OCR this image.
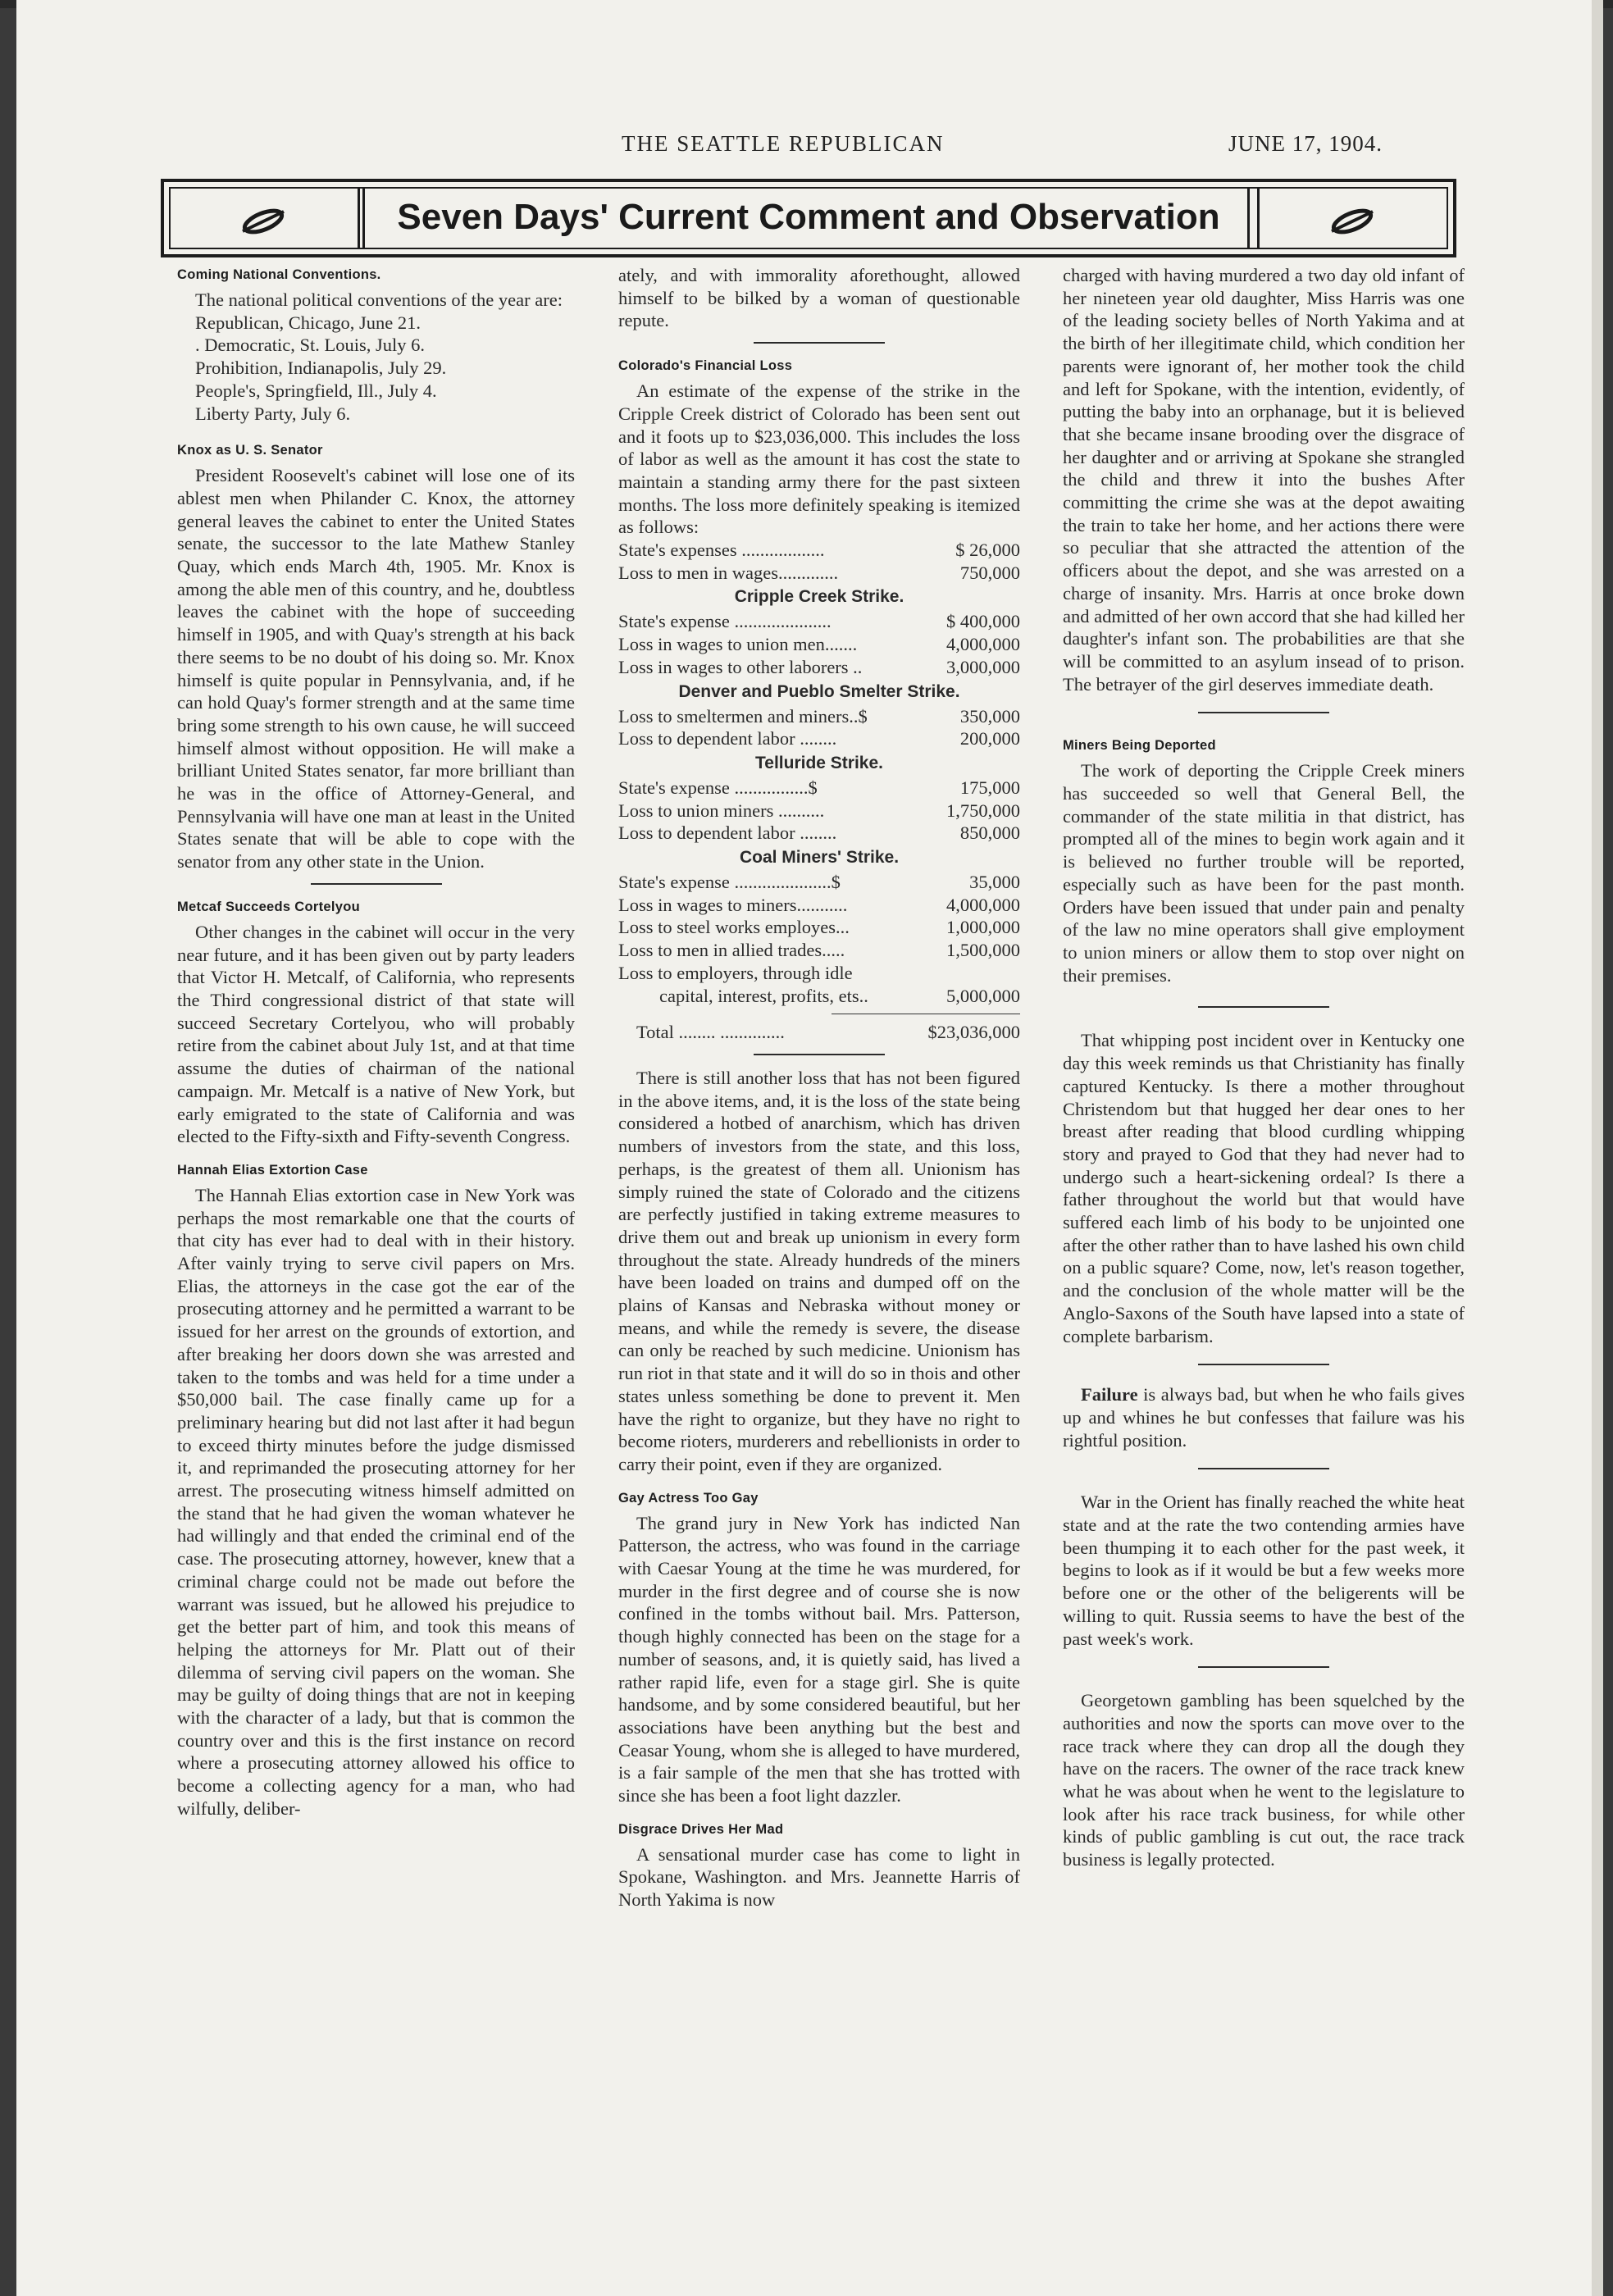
THE SEATTLE REPUBLICAN	JUNE 17, 1904.
Seven Days' Current Comment and Observation
Coming National Conventions.

The national political conventions of the year are:

Republican, Chicago, June 21.
. Democratic, St. Louis, July 6.
Prohibition, Indianapolis, July 29.
People's, Springfield, Ill., July 4.
Liberty Party, July 6.
Knox as U. S. Senator

President Roosevelt's cabinet will lose one of its ablest men when Philander C. Knox, the attorney general leaves the cabinet to enter the United States senate, the successor to the late Mathew Stanley Quay, which ends March 4th, 1905. Mr. Knox is among the able men of this country, and he, doubtless leaves the cabinet with the hope of succeeding himself in 1905, and with Quay's strength at his back there seems to be no doubt of his doing so. Mr. Knox himself is quite popular in Pennsylvania, and, if he can hold Quay's former strength and at the same time bring some strength to his own cause, he will succeed himself almost without opposition. He will make a brilliant United States senator, far more brilliant than he was in the office of Attorney-General, and Pennsylvania will have one man at least in the United States senate that will be able to cope with the senator from any other state in the Union.

Metcaf Succeeds Cortelyou

Other changes in the cabinet will occur in the very near future, and it has been given out by party leaders that Victor H. Metcalf, of California, who represents the Third congressional district of that state will succeed Secretary Cortelyou, who will probably retire from the cabinet about July 1st, and at that time assume the duties of chairman of the national campaign. Mr. Metcalf is a native of New York, but early emigrated to the state of California and was elected to the Fifty-sixth and Fifty-seventh Congress.

Hannah Elias Extortion Case

The Hannah Elias extortion case in New York was perhaps the most remarkable one that the courts of that city has ever had to deal with in their history. After vainly trying to serve civil papers on Mrs. Elias, the attorneys in the case got the ear of the prosecuting attorney and he permitted a warrant to be issued for her arrest on the grounds of extortion, and after breaking her doors down she was arrested and taken to the tombs and was held for a time under a $50,000 bail. The case finally came up for a preliminary hearing but did not last after it had begun to exceed thirty minutes before the judge dismissed it, and reprimanded the prosecuting attorney for her arrest. The prosecuting witness himself admitted on the stand that he had given the woman whatever he had willingly and that ended the criminal end of the case. The prosecuting attorney, however, knew that a criminal charge could not be made out before the warrant was issued, but he allowed his prejudice to get the better part of him, and took this means of helping the attorneys for Mr. Platt out of their dilemma of serving civil papers on the woman. She may be guilty of doing things that are not in keeping with the character of a lady, but that is common the country over and this is the first instance on record where a prosecuting attorney allowed his office to become a collecting agency for a man, who had wilfully, deliber-

ately, and with immorality aforethought, allowed himself to be bilked by a woman of questionable repute.

Colorado's Financial Loss

An estimate of the expense of the strike in the Cripple Creek district of Colorado has been sent out and it foots up to $23,036,000. This includes the loss of labor as well as the amount it has cost the state to maintain a standing army there for the past sixteen months. The loss more definitely speaking is itemized as follows:

State's expenses ..................	$ 26,000
Loss to men in wages.............	750,000
Cripple Creek Strike.
State's expense .....................	$ 400,000
Loss in wages to union men.......	4,000,000
Loss in wages to other laborers ..	3,000,000
Denver and Pueblo Smelter Strike.
Loss to smeltermen and miners..$	350,000
Loss to dependent labor ........	200,000
Telluride Strike.
State's expense ................$	175,000
Loss to union miners ..........	1,750,000
Loss to dependent labor ........	850,000
Coal Miners' Strike.
State's expense .....................$	35,000
Loss in wages to miners...........	4,000,000
Loss to steel works employes...	1,000,000
Loss to men in allied trades.....	1,500,000
Loss to employers, through idle
capital, interest, profits, ets..	5,000,000
Total ........ ..............	$23,036,000

There is still another loss that has not been figured in the above items, and, it is the loss of the state being considered a hotbed of anarchism, which has driven numbers of investors from the state, and this loss, perhaps, is the greatest of them all. Unionism has simply ruined the state of Colorado and the citizens are perfectly justified in taking extreme measures to drive them out and break up unionism in every form throughout the state. Already hundreds of the miners have been loaded on trains and dumped off on the plains of Kansas and Nebraska without money or means, and while the remedy is severe, the disease can only be reached by such medicine. Unionism has run riot in that state and it will do so in thois and other states unless something be done to prevent it. Men have the right to organize, but they have no right to become rioters, murderers and rebellionists in order to carry their point, even if they are organized.

Gay Actress Too Gay

The grand jury in New York has indicted Nan Patterson, the actress, who was found in the carriage with Caesar Young at the time he was murdered, for murder in the first degree and of course she is now confined in the tombs without bail. Mrs. Patterson, though highly connected has been on the stage for a number of seasons, and, it is quietly said, has lived a rather rapid life, even for a stage girl. She is quite handsome, and by some considered beautiful, but her associations have been anything but the best and Ceasar Young, whom she is alleged to have murdered, is a fair sample of the men that she has trotted with since she has been a foot light dazzler.

Disgrace Drives Her Mad

A sensational murder case has come to light in Spokane, Washington. and Mrs. Jeannette Harris of North Yakima is now

charged with having murdered a two day old infant of her nineteen year old daughter, Miss Harris was one of the leading society belles of North Yakima and at the birth of her illegitimate child, which condition her parents were ignorant of, her mother took the child and left for Spokane, with the intention, evidently, of putting the baby into an orphanage, but it is believed that she became insane brooding over the disgrace of her daughter and or arriving at Spokane she strangled the child and threw it into the bushes After committing the crime she was at the depot awaiting the train to take her home, and her actions there were so peculiar that she attracted the attention of the officers about the depot, and she was arrested on a charge of insanity. Mrs. Harris at once broke down and admitted of her own accord that she had killed her daughter's infant son. The probabilities are that she will be committed to an asylum insead of to prison. The betrayer of the girl deserves immediate death.

Miners Being Deported

The work of deporting the Cripple Creek miners has succeeded so well that General Bell, the commander of the state militia in that district, has prompted all of the mines to begin work again and it is believed no further trouble will be reported, especially such as have been for the past month. Orders have been issued that under pain and penalty of the law no mine operators shall give employment to union miners or allow them to stop over night on their premises.

That whipping post incident over in Kentucky one day this week reminds us that Christianity has finally captured Kentucky. Is there a mother throughout Christendom but that hugged her dear ones to her breast after reading that blood curdling whipping story and prayed to God that they had never had to undergo such a heart-sickening ordeal? Is there a father throughout the world but that would have suffered each limb of his body to be unjointed one after the other rather than to have lashed his own child on a public square? Come, now, let's reason together, and the conclusion of the whole matter will be the Anglo-Saxons of the South have lapsed into a state of complete barbarism.

Failure is always bad, but when he who fails gives up and whines he but confesses that failure was his rightful position.

War in the Orient has finally reached the white heat state and at the rate the two contending armies have been thumping it to each other for the past week, it begins to look as if it would be but a few weeks more before one or the other of the beligerents will be willing to quit. Russia seems to have the best of the past week's work.

Georgetown gambling has been squelched by the authorities and now the sports can move over to the race track where they can drop all the dough they have on the racers. The owner of the race track knew what he was about when he went to the legislature to look after his race track business, for while other kinds of public gambling is cut out, the race track business is legally protected.
